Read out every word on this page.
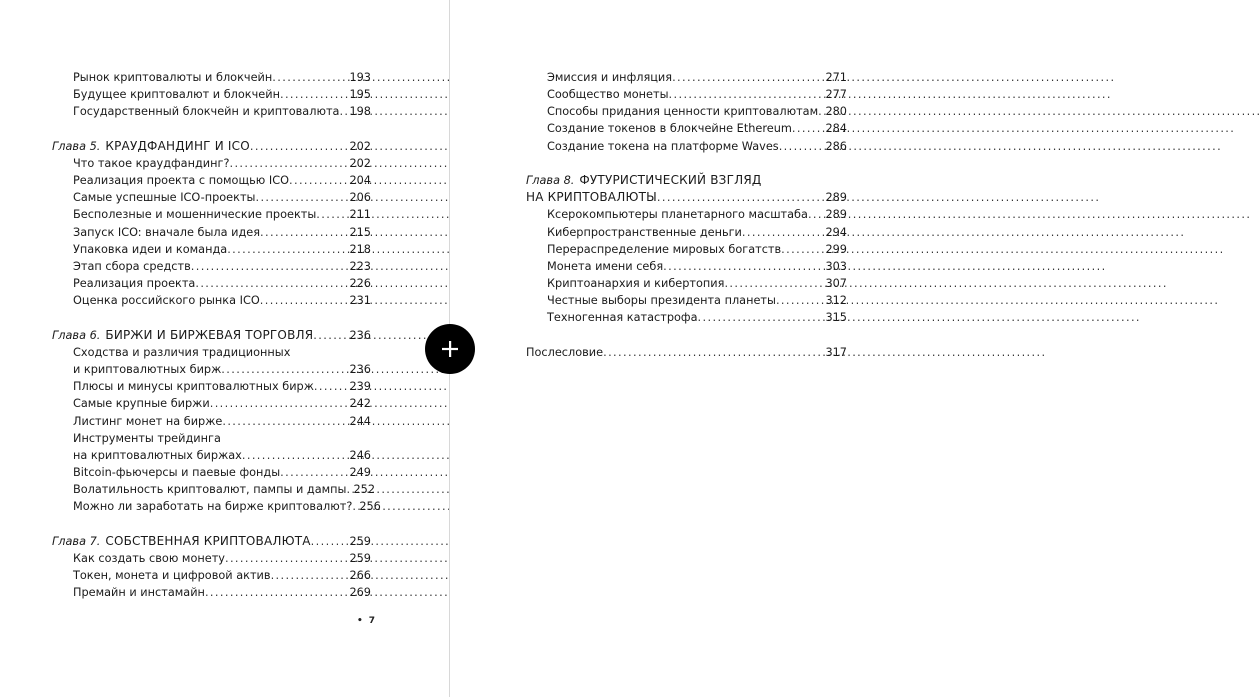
Рынок криптовалюты и блокчейн . . .	193
Будущее криптовалют и блокчейн . . .	195
Государственный блокчейн и криптовалюта . . . 198
Глава 5. КРАУДФАНДИНГ И ICO . . .	202
Что такое краудфандинг? . . .	202
Реализация проекта с помощью ICO . . .	204
Самые успешные ICO-проекты . . .	206
Бесполезные и мошеннические проекты . . .	211
Запуск ICO: вначале была идея . . .	215
Упаковка идеи и команда . . .	218
Этап сбора средств . . .	223
Реализация проекта . . .	226
Оценка российского рынка ICO . . .	231
Глава 6. БИРЖИ И БИРЖЕВАЯ ТОРГОВЛЯ . . .	236
Сходства и различия традиционных
и криптовалютных бирж . . .	236
Плюсы и минусы криптовалютных бирж . . .	239
Самые крупные биржи . . .	242
Листинг монет на бирже . . .	244
Инструменты трейдинга
на криптовалютных биржах . . .	246
Bitcoin-фьючерсы и паевые фонды . . .	249
Волатильность криптовалют, пампы и дампы . . . 252
Можно ли заработать на бирже криптовалют? . . . 256
Глава 7. СОБСТВЕННАЯ КРИПТОВАЛЮТА . . .	259
Как создать свою монету . . .	259
Токен, монета и цифровой актив . . .	266
Премайн и инстамайн . . .	269
• 7
Эмиссия и инфляция . . .	271
Сообщество монеты . . .	277
Способы придания ценности криптовалютам . . . 280
Создание токенов в блокчейне Ethereum . . .	284
Создание токена на платформе Waves . . .	286
Глава 8. ФУТУРИСТИЧЕСКИЙ ВЗГЛЯД
НА КРИПТОВАЛЮТЫ . . .	289
Ксерокомпьютеры планетарного масштаба . . . 289
Киберпространственные деньги . . .	294
Перераспределение мировых богатств . . .	299
Монета имени себя . . .	303
Криптоанархия и кибертопия . . .	307
Честные выборы президента планеты . . .	312
Техногенная катастрофа . . .	315
Послесловие . . .	317
